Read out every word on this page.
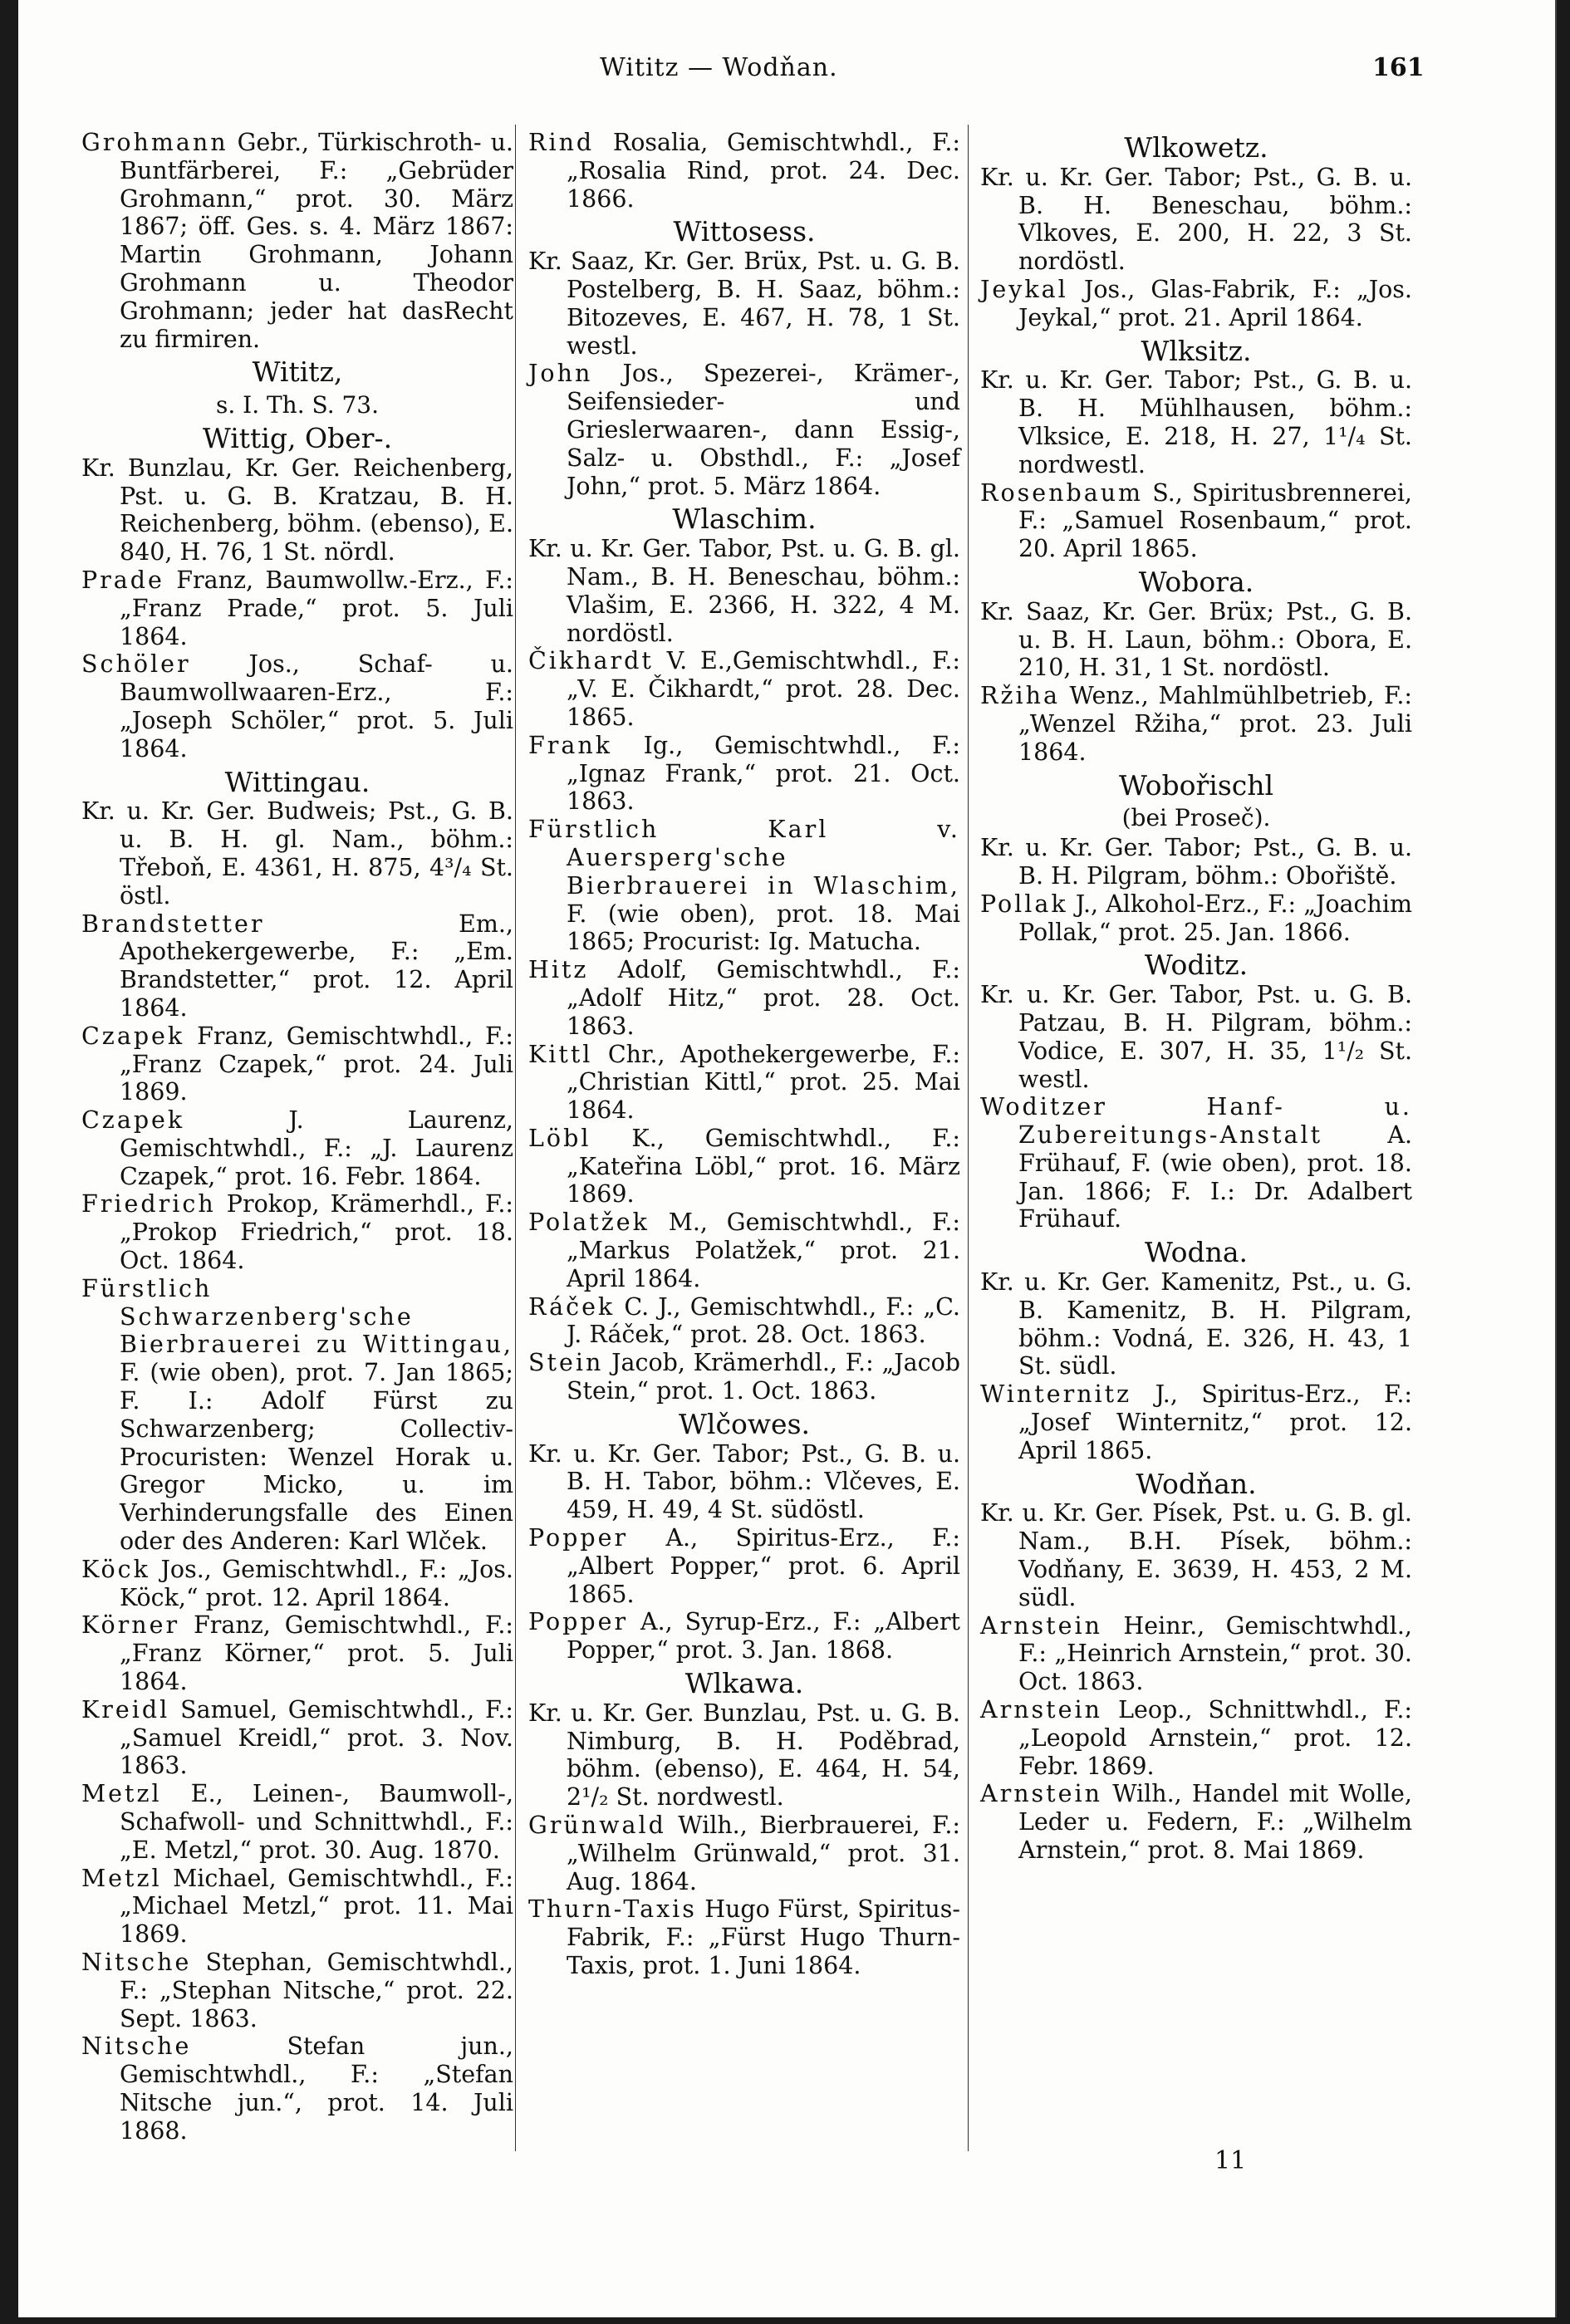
Wititz — Wodňan.	161
Grohmann Gebr., Türkischroth- u. Buntfärberei, F.: „Gebrüder Grohmann,“ prot. 30. März 1867; öff. Ges. s. 4. März 1867: Martin Grohmann, Johann Grohmann u. Theodor Grohmann; jeder hat dasRecht zu firmiren.
Wititz,
s. I. Th. S. 73.
Wittig, Ober-.
Kr. Bunzlau, Kr. Ger. Reichenberg, Pst. u. G. B. Kratzau, B. H. Reichenberg, böhm. (ebenso), E. 840, H. 76, 1 St. nördl.
Prade Franz, Baumwollw.-Erz., F.: „Franz Prade,“ prot. 5. Juli 1864.
Schöler Jos., Schaf- u. Baumwollwaaren-Erz., F.: „Joseph Schöler,“ prot. 5. Juli 1864.
Wittingau.
Kr. u. Kr. Ger. Budweis; Pst., G. B. u. B. H. gl. Nam., böhm.: Třeboň, E. 4361, H. 875, 4³/₄ St. östl.
Brandstetter Em., Apothekergewerbe, F.: „Em. Brandstetter,“ prot. 12. April 1864.
Czapek Franz, Gemischtwhdl., F.: „Franz Czapek,“ prot. 24. Juli 1869.
Czapek J. Laurenz, Gemischtwhdl., F.: „J. Laurenz Czapek,“ prot. 16. Febr. 1864.
Friedrich Prokop, Krämerhdl., F.: „Prokop Friedrich,“ prot. 18. Oct. 1864.
Fürstlich Schwarzenberg'sche Bierbrauerei zu Wittingau, F. (wie oben), prot. 7. Jan 1865; F. I.: Adolf Fürst zu Schwarzenberg; Collectiv-Procuristen: Wenzel Horak u. Gregor Micko, u. im Verhinderungsfalle des Einen oder des Anderen: Karl Wlček.
Köck Jos., Gemischtwhdl., F.: „Jos. Köck,“ prot. 12. April 1864.
Körner Franz, Gemischtwhdl., F.: „Franz Körner,“ prot. 5. Juli 1864.
Kreidl Samuel, Gemischtwhdl., F.: „Samuel Kreidl,“ prot. 3. Nov. 1863.
Metzl E., Leinen-, Baumwoll-, Schafwoll- und Schnittwhdl., F.: „E. Metzl,“ prot. 30. Aug. 1870.
Metzl Michael, Gemischtwhdl., F.: „Michael Metzl,“ prot. 11. Mai 1869.
Nitsche Stephan, Gemischtwhdl., F.: „Stephan Nitsche,“ prot. 22. Sept. 1863.
Nitsche Stefan jun., Gemischtwhdl., F.: „Stefan Nitsche jun.“, prot. 14. Juli 1868.
Rind Rosalia, Gemischtwhdl., F.: „Rosalia Rind, prot. 24. Dec. 1866.
Wittosess.
Kr. Saaz, Kr. Ger. Brüx, Pst. u. G. B. Postelberg, B. H. Saaz, böhm.: Bitozeves, E. 467, H. 78, 1 St. westl.
John Jos., Spezerei-, Krämer-, Seifensieder- und Grieslerwaaren-, dann Essig-, Salz- u. Obsthdl., F.: „Josef John,“ prot. 5. März 1864.
Wlaschim.
Kr. u. Kr. Ger. Tabor, Pst. u. G. B. gl. Nam., B. H. Beneschau, böhm.: Vlašim, E. 2366, H. 322, 4 M. nordöstl.
Čikhardt V. E.,Gemischtwhdl., F.: „V. E. Čikhardt,“ prot. 28. Dec. 1865.
Frank Ig., Gemischtwhdl., F.: „Ignaz Frank,“ prot. 21. Oct. 1863.
Fürstlich Karl v. Auersperg'sche Bierbrauerei in Wlaschim, F. (wie oben), prot. 18. Mai 1865; Procurist: Ig. Matucha.
Hitz Adolf, Gemischtwhdl., F.: „Adolf Hitz,“ prot. 28. Oct. 1863.
Kittl Chr., Apothekergewerbe, F.: „Christian Kittl,“ prot. 25. Mai 1864.
Löbl K., Gemischtwhdl., F.: „Kateřina Löbl,“ prot. 16. März 1869.
Polatžek M., Gemischtwhdl., F.: „Markus Polatžek,“ prot. 21. April 1864.
Ráček C. J., Gemischtwhdl., F.: „C. J. Ráček,“ prot. 28. Oct. 1863.
Stein Jacob, Krämerhdl., F.: „Jacob Stein,“ prot. 1. Oct. 1863.
Wlčowes.
Kr. u. Kr. Ger. Tabor; Pst., G. B. u. B. H. Tabor, böhm.: Vlčeves, E. 459, H. 49, 4 St. südöstl.
Popper A., Spiritus-Erz., F.: „Albert Popper,“ prot. 6. April 1865.
Popper A., Syrup-Erz., F.: „Albert Popper,“ prot. 3. Jan. 1868.
Wlkawa.
Kr. u. Kr. Ger. Bunzlau, Pst. u. G. B. Nimburg, B. H. Poděbrad, böhm. (ebenso), E. 464, H. 54, 2¹/₂ St. nordwestl.
Grünwald Wilh., Bierbrauerei, F.: „Wilhelm Grünwald,“ prot. 31. Aug. 1864.
Thurn-Taxis Hugo Fürst, Spiritus-Fabrik, F.: „Fürst Hugo Thurn-Taxis, prot. 1. Juni 1864.
Wlkowetz.
Kr. u. Kr. Ger. Tabor; Pst., G. B. u. B. H. Beneschau, böhm.: Vlkoves, E. 200, H. 22, 3 St. nordöstl.
Jeykal Jos., Glas-Fabrik, F.: „Jos. Jeykal,“ prot. 21. April 1864.
Wlksitz.
Kr. u. Kr. Ger. Tabor; Pst., G. B. u. B. H. Mühlhausen, böhm.: Vlksice, E. 218, H. 27, 1¹/₄ St. nordwestl.
Rosenbaum S., Spiritusbrennerei, F.: „Samuel Rosenbaum,“ prot. 20. April 1865.
Wobora.
Kr. Saaz, Kr. Ger. Brüx; Pst., G. B. u. B. H. Laun, böhm.: Obora, E. 210, H. 31, 1 St. nordöstl.
Ržiha Wenz., Mahlmühlbetrieb, F.: „Wenzel Ržiha,“ prot. 23. Juli 1864.
Wobořischl
(bei Proseč).
Kr. u. Kr. Ger. Tabor; Pst., G. B. u. B. H. Pilgram, böhm.: Obořiště.
Pollak J., Alkohol-Erz., F.: „Joachim Pollak,“ prot. 25. Jan. 1866.
Woditz.
Kr. u. Kr. Ger. Tabor, Pst. u. G. B. Patzau, B. H. Pilgram, böhm.: Vodice, E. 307, H. 35, 1¹/₂ St. westl.
Woditzer Hanf- u. Zubereitungs-Anstalt A. Frühauf, F. (wie oben), prot. 18. Jan. 1866; F. I.: Dr. Adalbert Frühauf.
Wodna.
Kr. u. Kr. Ger. Kamenitz, Pst., u. G. B. Kamenitz, B. H. Pilgram, böhm.: Vodná, E. 326, H. 43, 1 St. südl.
Winternitz J., Spiritus-Erz., F.: „Josef Winternitz,“ prot. 12. April 1865.
Wodňan.
Kr. u. Kr. Ger. Písek, Pst. u. G. B. gl. Nam., B.H. Písek, böhm.: Vodňany, E. 3639, H. 453, 2 M. südl.
Arnstein Heinr., Gemischtwhdl., F.: „Heinrich Arnstein,“ prot. 30. Oct. 1863.
Arnstein Leop., Schnittwhdl., F.: „Leopold Arnstein,“ prot. 12. Febr. 1869.
Arnstein Wilh., Handel mit Wolle, Leder u. Federn, F.: „Wilhelm Arnstein,“ prot. 8. Mai 1869.
11
